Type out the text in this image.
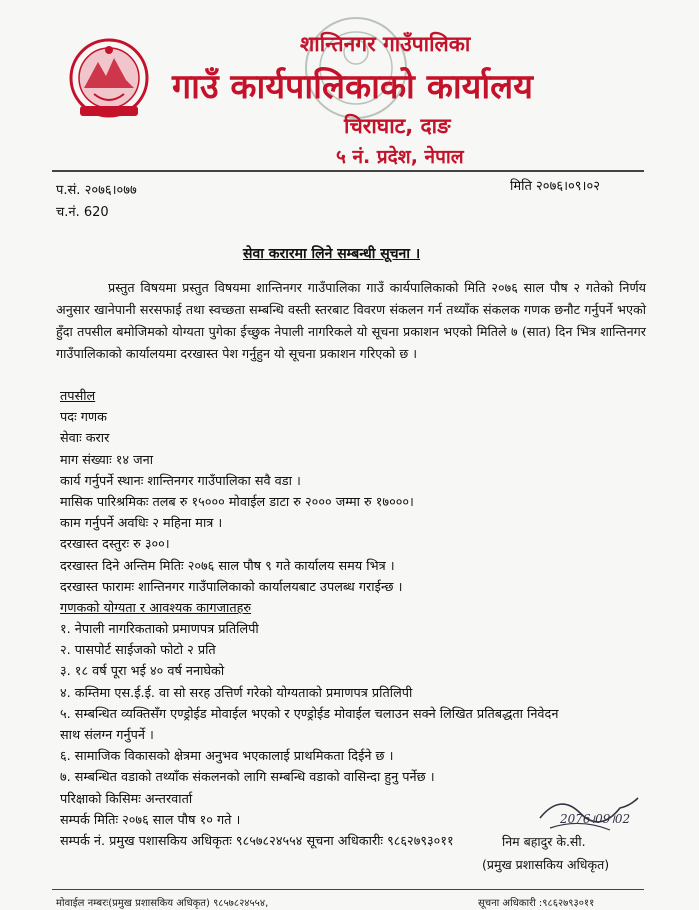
शान्तिनगर गाउँपालिका
गाउँ कार्यपालिकाको कार्यालय
चिराघाट, दाङ
५ नं. प्रदेश, नेपाल
प.सं. २०७६।०७७
च.नं. 620
मिति २०७६।०९।०२
सेवा करारमा लिने सम्बन्धी सूचना ।
प्रस्तुत विषयमा प्रस्तुत विषयमा शान्तिनगर गाउँपालिका गाउँ कार्यपालिकाको मिति २०७६ साल पौष २ गतेको निर्णय अनुसार खानेपानी सरसफाई तथा स्वच्छता सम्बन्धि वस्ती स्तरबाट विवरण संकलन गर्न तथ्याँक संकलक गणक छनौट गर्नुपर्ने भएको हुँदा तपसील बमोजिमको योग्यता पुगेका ईच्छुक नेपाली नागरिकले यो सूचना प्रकाशन भएको मितिले ७ (सात) दिन भित्र शान्तिनगर गाउँपालिकाको कार्यालयमा दरखास्त पेश गर्नुहुन यो सूचना प्रकाशन गरिएको छ ।
तपसील
पदः गणक
सेवाः करार
माग संख्याः १४ जना
कार्य गर्नुपर्ने स्थानः शान्तिनगर गाउँपालिका सवै वडा ।
मासिक पारिश्रमिकः तलब रु १५००० मोवाईल डाटा रु २००० जम्मा रु १७०००।
काम गर्नुपर्ने अवधिः २ महिना मात्र ।
दरखास्त दस्तुरः रु ३००।
दरखास्त दिने अन्तिम मितिः २०७६ साल पौष ९ गते कार्यालय समय भित्र ।
दरखास्त फारामः शान्तिनगर गाउँपालिकाको कार्यालयबाट उपलब्ध गराईन्छ ।
गणकको योग्यता र आवश्यक कागजातहरु
१. नेपाली नागरिकताको प्रमाणपत्र प्रतिलिपी
२. पासपोर्ट साईजको फोटो २ प्रति
३. १८ वर्ष पूरा भई ४० वर्ष ननाघेको
४. कम्तिमा एस.ई.ई. वा सो सरह उत्तिर्ण गरेको योग्यताको प्रमाणपत्र प्रतिलिपी
५. सम्बन्धित व्यक्तिसँग एण्ड्रोईड मोवाईल भएको र एण्ड्रोईड मोवाईल चलाउन सक्ने लिखित प्रतिबद्धता निवेदन
साथ संलग्न गर्नुपर्ने ।
६. सामाजिक विकासको क्षेत्रमा अनुभव भएकालाई प्राथमिकता दिईने छ ।
७. सम्बन्धित वडाको तथ्याँक संकलनको लागि सम्बन्धि वडाको वासिन्दा हुनु पर्नेछ ।
परिक्षाको किसिमः अन्तरवार्ता
सम्पर्क मितिः २०७६ साल पौष १० गते ।
सम्पर्क नं. प्रमुख पशासकिय अधिकृतः ९८५७८२४५५४ सूचना अधिकारीः ९८६२७९३०११
2076।09।02
निम बहादुर के.सी.
(प्रमुख प्रशासकिय अधिकृत)
मोवाईल नम्बरः(प्रमुख प्रशासकिय अधिकृत) ९८५७८२४५५४,	सूचना अधिकारी :९८६२७९३०११
